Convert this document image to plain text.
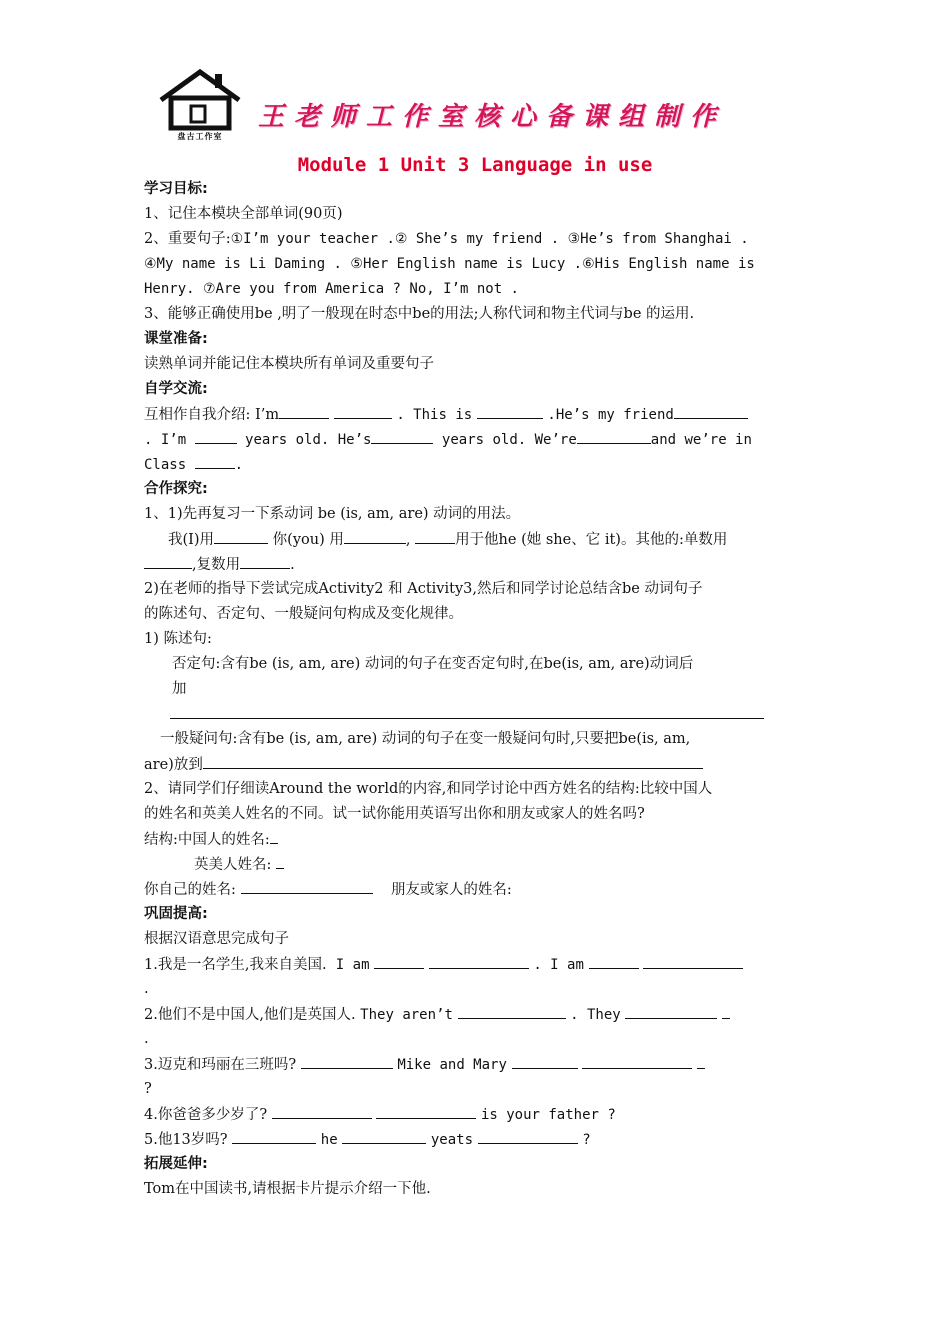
盘古工作室
王老师工作室核心备课组制作
Module 1 Unit 3 Language in use
学习目标:
1、记住本模块全部单词(90页)
2、重要句子:①I’m your teacher .② She’s my friend . ③He’s from Shanghai .
④My name is Li Daming . ⑤Her English name is Lucy .⑥His English name is
Henry. ⑦Are you from America ? No, I’m not .
3、能够正确使用be ,明了一般现在时态中be的用法;人称代词和物主代词与be 的运用.
课堂准备:
读熟单词并能记住本模块所有单词及重要句子
自学交流:
互相作自我介绍: I’m	. This is	.He’s my friend
. I’m	years old. He’s	years old. We’re	and we’re in
Class	.
合作探究:
1、1)先再复习一下系动词 be (is, am, are) 动词的用法。
我(I)用	你(you) 用	,	用于他he (她 she、它 it)。其他的:单数用
,复数用	.
2)在老师的指导下尝试完成Activity2 和 Activity3,然后和同学讨论总结含be 动词句子
的陈述句、否定句、一般疑问句构成及变化规律。
1) 陈述句:
否定句:含有be (is, am, are) 动词的句子在变否定句时,在be(is, am, are)动词后
加
一般疑问句:含有be (is, am, are) 动词的句子在变一般疑问句时,只要把be(is, am,
are)放到
2、请同学们仔细读Around the world的内容,和同学讨论中西方姓名的结构:比较中国人
的姓名和英美人姓名的不同。试一试你能用英语写出你和朋友或家人的姓名吗?
结构:中国人的姓名:
英美人姓名:
你自己的姓名:	朋友或家人的姓名:
巩固提高:
根据汉语意思完成句子
1.我是一名学生,我来自美国. I am	. I am
.
2.他们不是中国人,他们是英国人. They aren’t	. They
.
3.迈克和玛丽在三班吗?	Mike and Mary
?
4.你爸爸多少岁了?	is your father ?
5.他13岁吗?	he	yeats	?
拓展延伸:
Tom在中国读书,请根据卡片提示介绍一下他.
